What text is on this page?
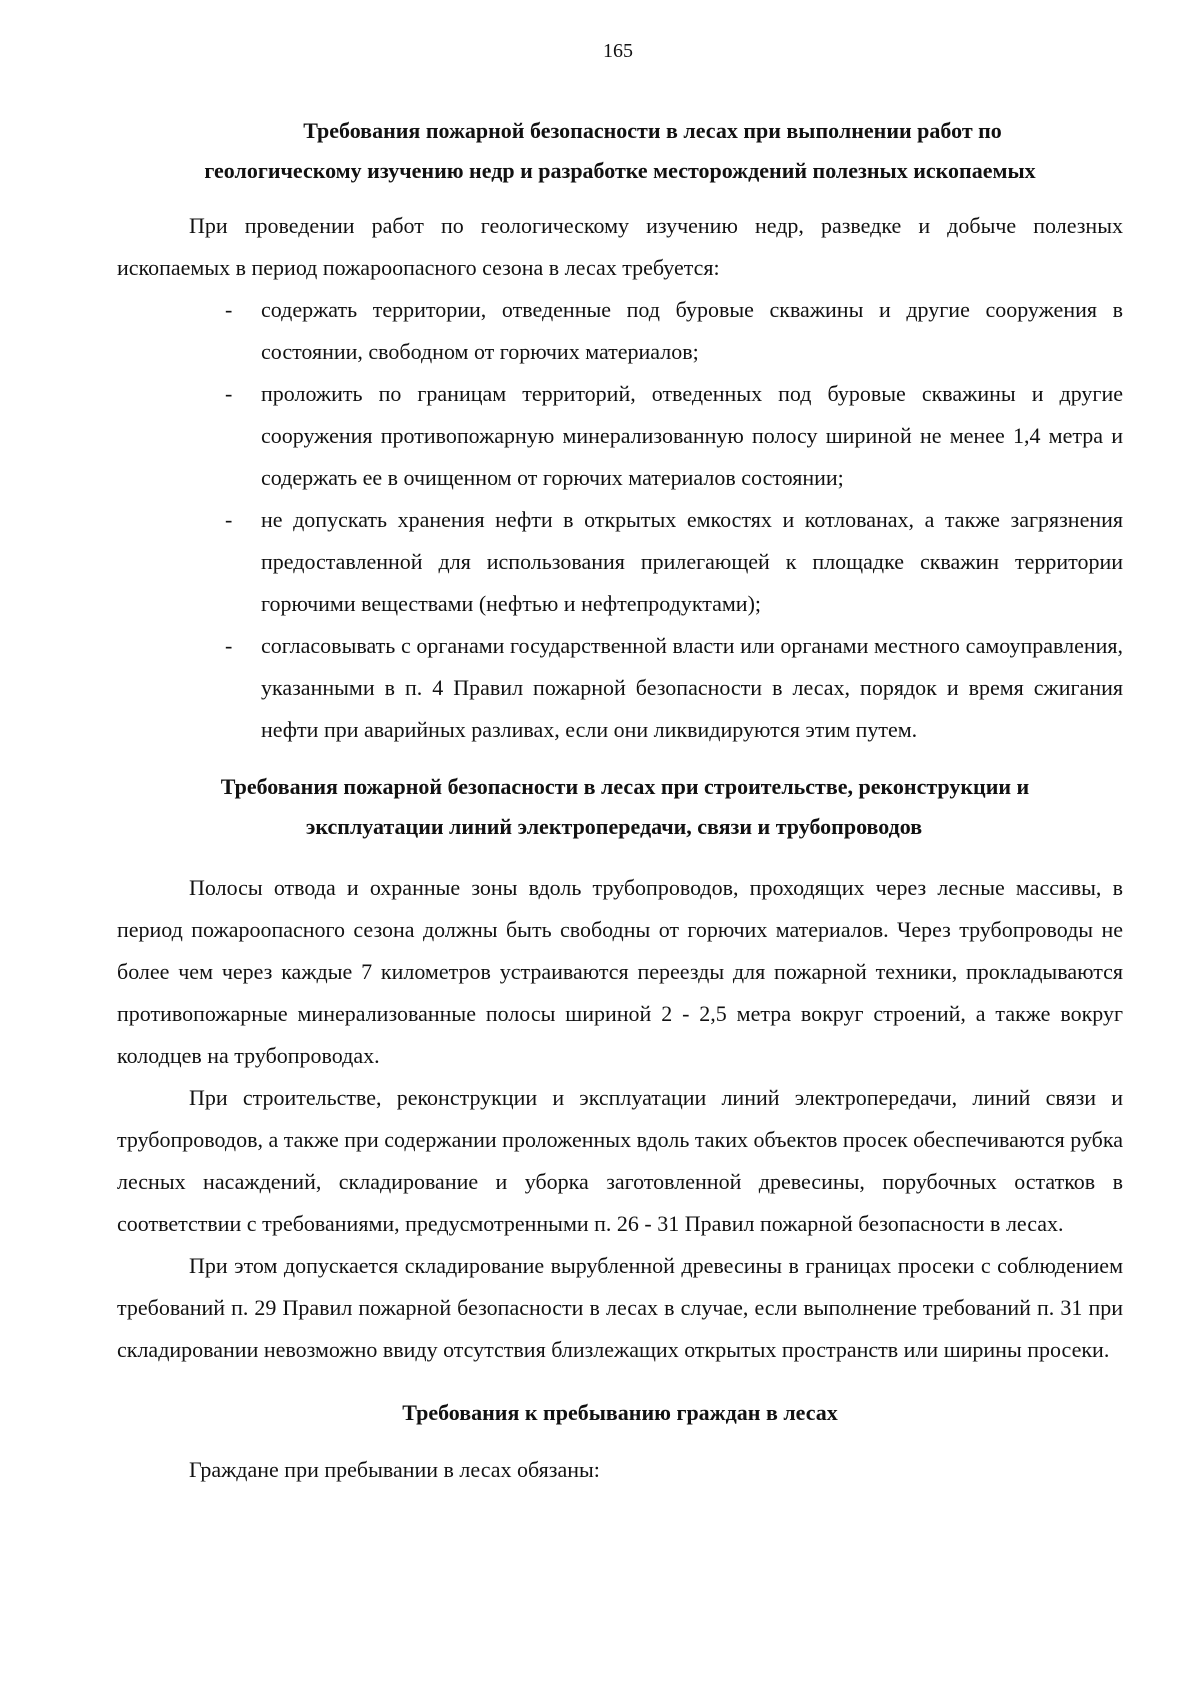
165
Требования пожарной безопасности в лесах при выполнении работ по
геологическому изучению недр и разработке месторождений полезных ископаемых

При проведении работ по геологическому изучению недр, разведке и добыче полезных ископаемых в период пожароопасного сезона в лесах требуется:

- содержать территории, отведенные под буровые скважины и другие сооружения в состоянии, свободном от горючих материалов;
- проложить по границам территорий, отведенных под буровые скважины и другие сооружения противопожарную минерализованную полосу шириной не менее 1,4 метра и содержать ее в очищенном от горючих материалов состоянии;
- не допускать хранения нефти в открытых емкостях и котлованах, а также загрязнения предоставленной для использования прилегающей к площадке скважин территории горючими веществами (нефтью и нефтепродуктами);
- согласовывать с органами государственной власти или органами местного самоуправления, указанными в п. 4 Правил пожарной безопасности в лесах, порядок и время сжигания нефти при аварийных разливах, если они ликвидируются этим путем.
Требования пожарной безопасности в лесах при строительстве, реконструкции и
эксплуатации линий электропередачи, связи и трубопроводов

Полосы отвода и охранные зоны вдоль трубопроводов, проходящих через лесные массивы, в период пожароопасного сезона должны быть свободны от горючих материалов. Через трубопроводы не более чем через каждые 7 километров устраиваются переезды для пожарной техники, прокладываются противопожарные минерализованные полосы шириной 2 - 2,5 метра вокруг строений, а также вокруг колодцев на трубопроводах.

При строительстве, реконструкции и эксплуатации линий электропередачи, линий связи и трубопроводов, а также при содержании проложенных вдоль таких объектов просек обеспечиваются рубка лесных насаждений, складирование и уборка заготовленной древесины, порубочных остатков в соответствии с требованиями, предусмотренными п. 26 - 31 Правил пожарной безопасности в лесах.

При этом допускается складирование вырубленной древесины в границах просеки с соблюдением требований п. 29 Правил пожарной безопасности в лесах в случае, если выполнение требований п. 31 при складировании невозможно ввиду отсутствия близлежащих открытых пространств или ширины просеки.

Требования к пребыванию граждан в лесах

Граждане при пребывании в лесах обязаны:
